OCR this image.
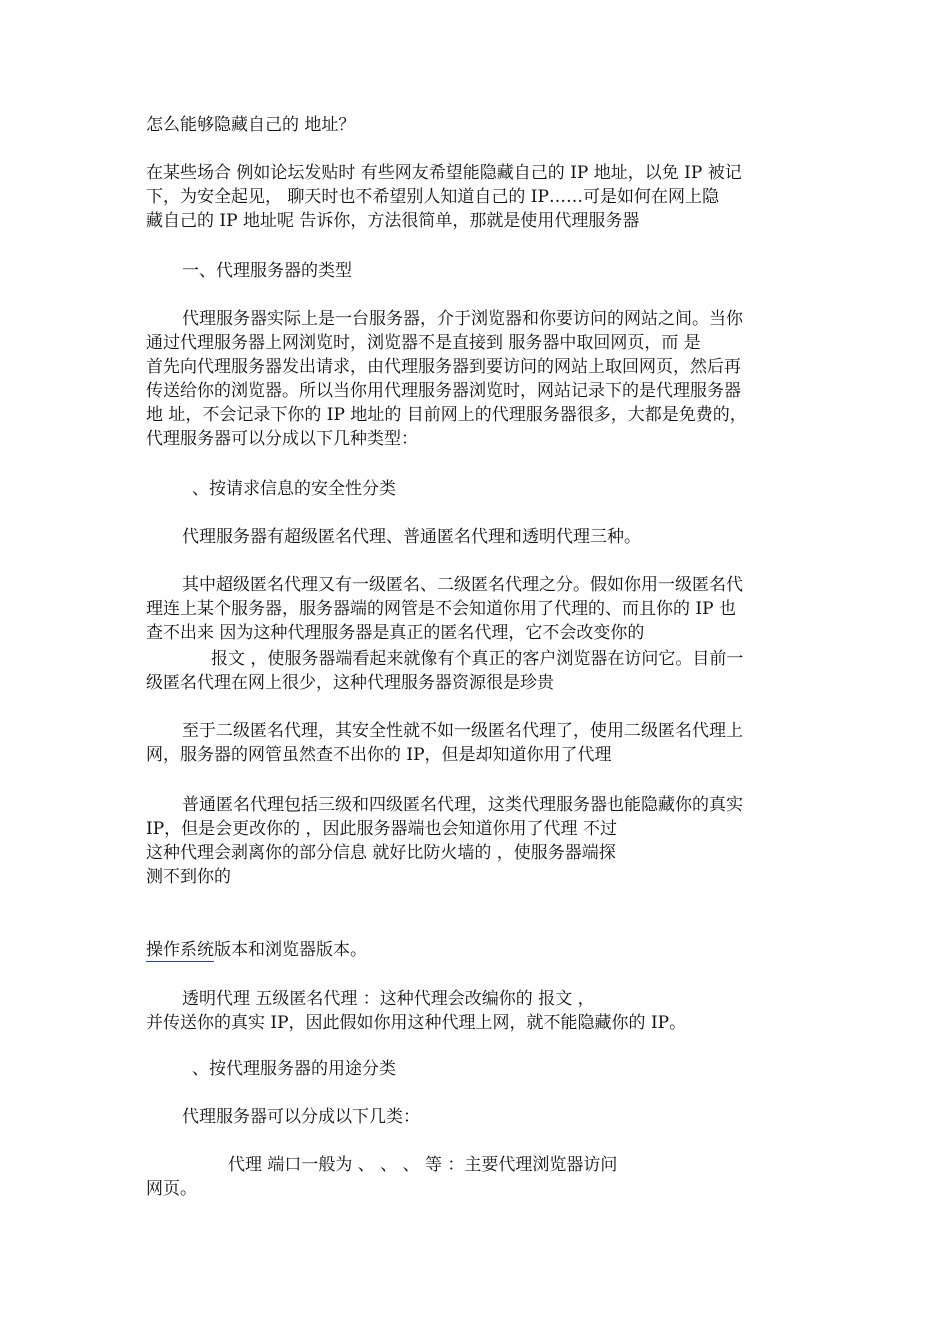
怎么能够隐藏自己的 地址？
在某些场合 例如论坛发贴时 有些网友希望能隐藏自己的 IP 地址，以免 IP 被记
下，为安全起见， 聊天时也不希望别人知道自己的 IP……可是如何在网上隐
藏自己的 IP 地址呢 告诉你，方法很简单，那就是使用代理服务器
一、代理服务器的类型
代理服务器实际上是一台服务器，介于浏览器和你要访问的网站之间。当你
通过代理服务器上网浏览时，浏览器不是直接到 服务器中取回网页，而 是
首先向代理服务器发出请求，由代理服务器到要访问的网站上取回网页，然后再
传送给你的浏览器。所以当你用代理服务器浏览时，网站记录下的是代理服务器
地 址，不会记录下你的 IP 地址的 目前网上的代理服务器很多，大都是免费的，
代理服务器可以分成以下几种类型：
、按请求信息的安全性分类
代理服务器有超级匿名代理、普通匿名代理和透明代理三种。
其中超级匿名代理又有一级匿名、二级匿名代理之分。假如你用一级匿名代
理连上某个服务器，服务器端的网管是不会知道你用了代理的、而且你的 IP 也
查不出来 因为这种代理服务器是真正的匿名代理，它不会改变你的
报文 ，使服务器端看起来就像有个真正的客户浏览器在访问它。目前一
级匿名代理在网上很少，这种代理服务器资源很是珍贵
至于二级匿名代理，其安全性就不如一级匿名代理了，使用二级匿名代理上
网，服务器的网管虽然查不出你的 IP，但是却知道你用了代理
普通匿名代理包括三级和四级匿名代理，这类代理服务器也能隐藏你的真实
IP，但是会更改你的 ，因此服务器端也会知道你用了代理 不过
这种代理会剥离你的部分信息 就好比防火墙的 ，使服务器端探
测不到你的
操作系统版本和浏览器版本。
透明代理 五级匿名代理 ：这种代理会改编你的 报文 ，
并传送你的真实 IP，因此假如你用这种代理上网，就不能隐藏你的 IP。
、按代理服务器的用途分类
代理服务器可以分成以下几类：
代理 端口一般为 、 、 、 等 ：主要代理浏览器访问
网页。
